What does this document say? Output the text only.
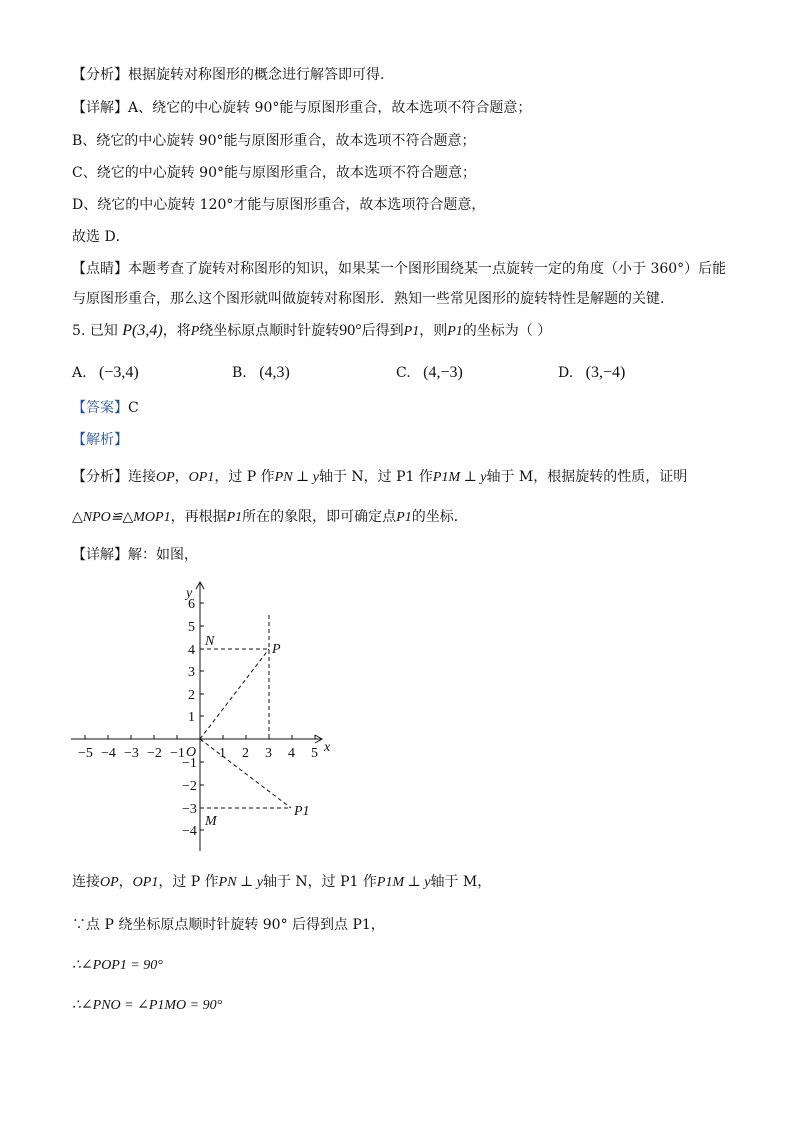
【分析】根据旋转对称图形的概念进行解答即可得.
【详解】A、绕它的中心旋转 90°能与原图形重合，故本选项不符合题意；
B、绕它的中心旋转 90°能与原图形重合，故本选项不符合题意；
C、绕它的中心旋转 90°能与原图形重合，故本选项不符合题意；
D、绕它的中心旋转 120°才能与原图形重合，故本选项符合题意，
故选 D．
【点睛】本题考查了旋转对称图形的知识，如果某一个图形围绕某一点旋转一定的角度（小于 360°）后能
与原图形重合，那么这个图形就叫做旋转对称图形．熟知一些常见图形的旋转特性是解题的关键.
5. 已知 P(3,4)，将P绕坐标原点顺时针旋转90°后得到P1，则P1的坐标为（ ）
A. (−3,4)	B. (4,3)	C. (4,−3)	D. (3,−4)
【答案】C
【解析】
【分析】连接OP，OP1，过 P 作PN ⊥ y轴于 N，过 P1 作P1M ⊥ y轴于 M，根据旋转的性质，证明
△NPO≌△MOP1，再根据P1所在的象限，即可确定点P1的坐标．
【详解】解：如图，
y
x
O
−5 −4 −3 −2 −1 1 2 3 4 5
6
5
4
3
2
1
−1
−2
−3
−4
N
P
M
P1
连接OP，OP1，过 P 作PN ⊥ y轴于 N，过 P1 作P1M ⊥ y轴于 M，
∵点 P 绕坐标原点顺时针旋转 90° 后得到点 P1，
∴∠POP1 = 90°
∴∠PNO = ∠P1MO = 90°
